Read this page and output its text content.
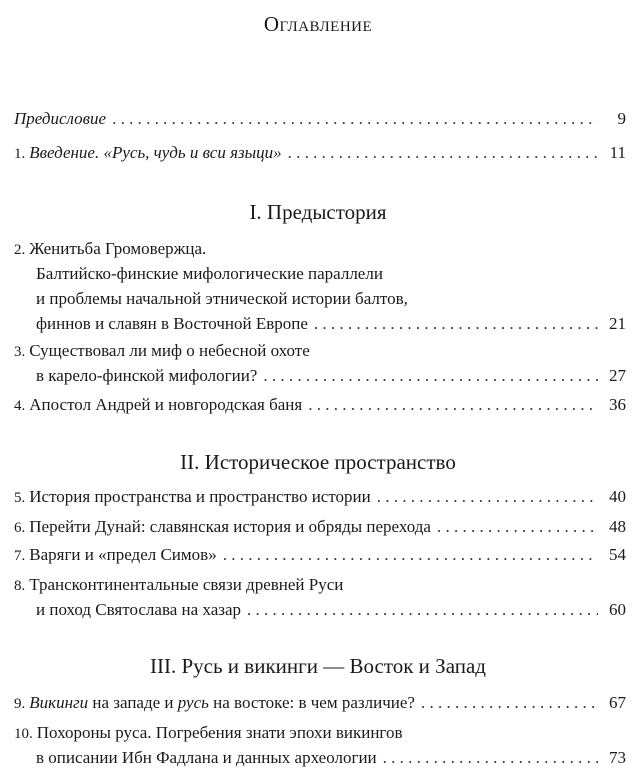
Оглавление
Предисловие . . .	9
1. Введение. «Русь, чудь и вси языци» . . .	11
I. Предыстория
2. Женитьба Громовержца.
Балтийско-финские мифологические параллели
и проблемы начальной этнической истории балтов,
финнов и славян в Восточной Европе . . .	21
3. Существовал ли миф о небесной охоте
в карело-финской мифологии? . . .	27
4. Апостол Андрей и новгородская баня . . .	36
II. Историческое пространство
5. История пространства и пространство истории . . .	40
6. Перейти Дунай: славянская история и обряды перехода . . .	48
7. Варяги и «предел Симов» . . .	54
8. Трансконтинентальные связи древней Руси
и поход Святослава на хазар . . .	60
III. Русь и викинги — Восток и Запад
9. Викинги на западе и русь на востоке: в чем различие? . . .	67
10. Похороны руса. Погребения знати эпохи викингов
в описании Ибн Фадлана и данных археологии . . .	73
